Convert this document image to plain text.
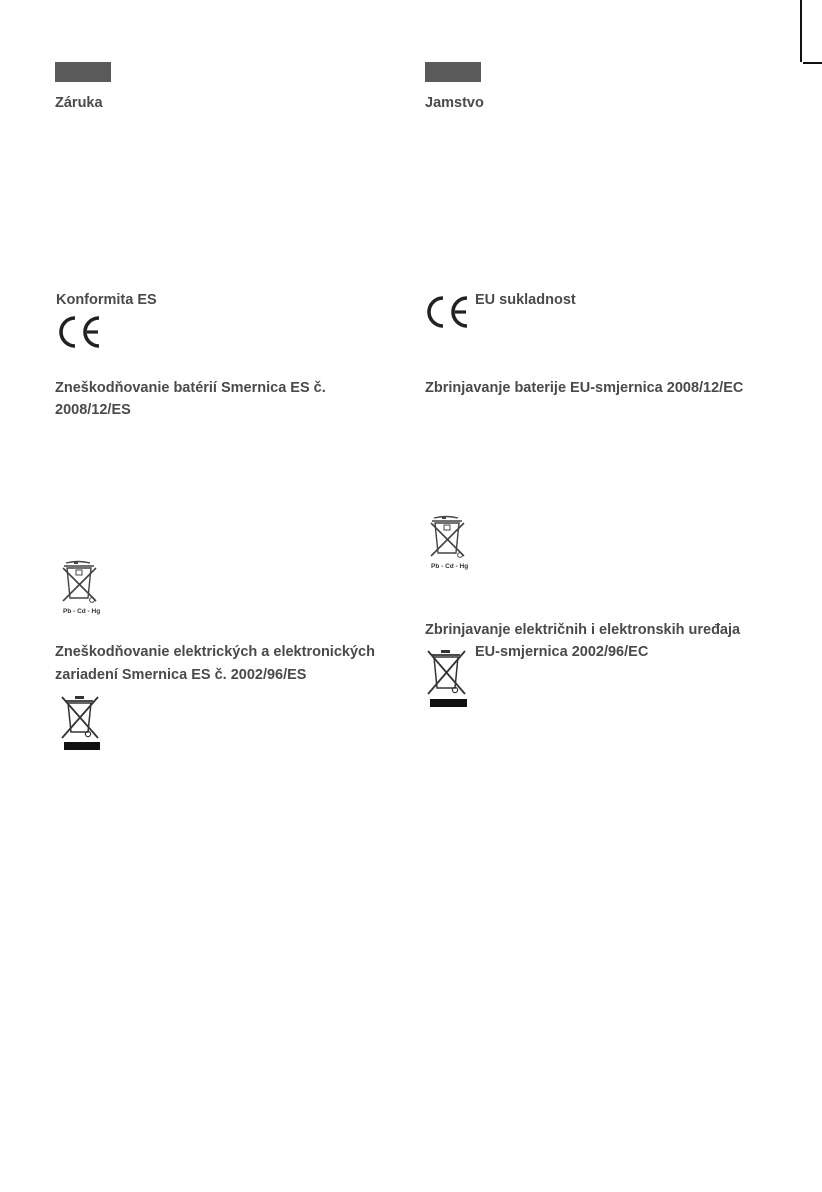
Záruka
Konformita ES
Zneškodňovanie batérií Smernica ES č.
2008/12/ES
Pb - Cd - Hg
Zneškodňovanie elektrických a elektronických
zariadení Smernica ES č. 2002/96/ES
Jamstvo
EU sukladnost
Zbrinjavanje baterije EU-smjernica 2008/12/EC
Pb - Cd - Hg
Zbrinjavanje električnih i elektronskih uređaja
EU-smjernica 2002/96/EC
